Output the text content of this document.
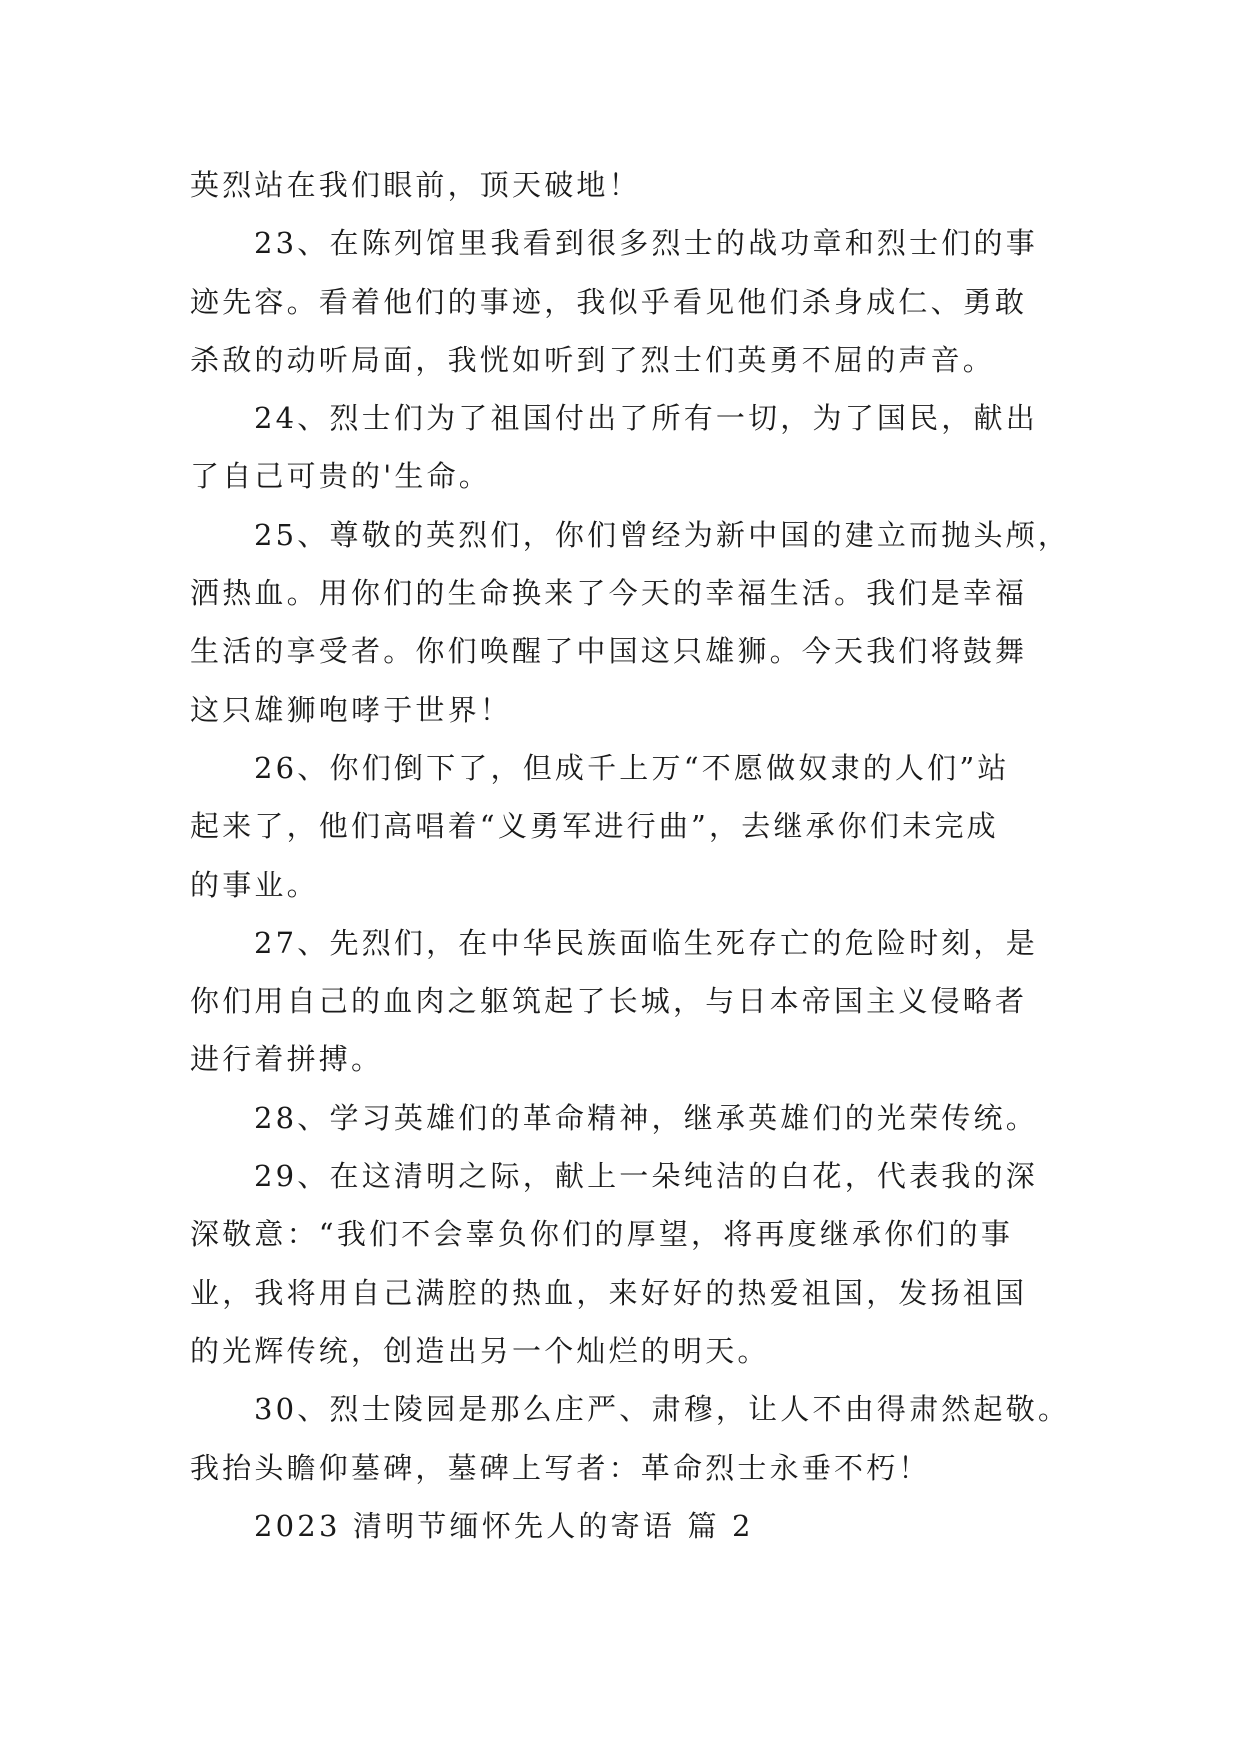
英烈站在我们眼前，顶天破地！
23、在陈列馆里我看到很多烈士的战功章和烈士们的事
迹先容。看着他们的事迹，我似乎看见他们杀身成仁、勇敢
杀敌的动听局面，我恍如听到了烈士们英勇不屈的声音。
24、烈士们为了祖国付出了所有一切，为了国民，献出
了自己可贵的'生命。
25、尊敬的英烈们，你们曾经为新中国的建立而抛头颅，
洒热血。用你们的生命换来了今天的幸福生活。我们是幸福
生活的享受者。你们唤醒了中国这只雄狮。今天我们将鼓舞
这只雄狮咆哮于世界！
26、你们倒下了，但成千上万“不愿做奴隶的人们”站
起来了，他们高唱着“义勇军进行曲”，去继承你们未完成
的事业。
27、先烈们，在中华民族面临生死存亡的危险时刻，是
你们用自己的血肉之躯筑起了长城，与日本帝国主义侵略者
进行着拼搏。
28、学习英雄们的革命精神，继承英雄们的光荣传统。
29、在这清明之际，献上一朵纯洁的白花，代表我的深
深敬意：“我们不会辜负你们的厚望，将再度继承你们的事
业，我将用自己满腔的热血，来好好的热爱祖国，发扬祖国
的光辉传统，创造出另一个灿烂的明天。
30、烈士陵园是那么庄严、肃穆，让人不由得肃然起敬。
我抬头瞻仰墓碑，墓碑上写者：革命烈士永垂不朽！
2023 清明节缅怀先人的寄语 篇 2
